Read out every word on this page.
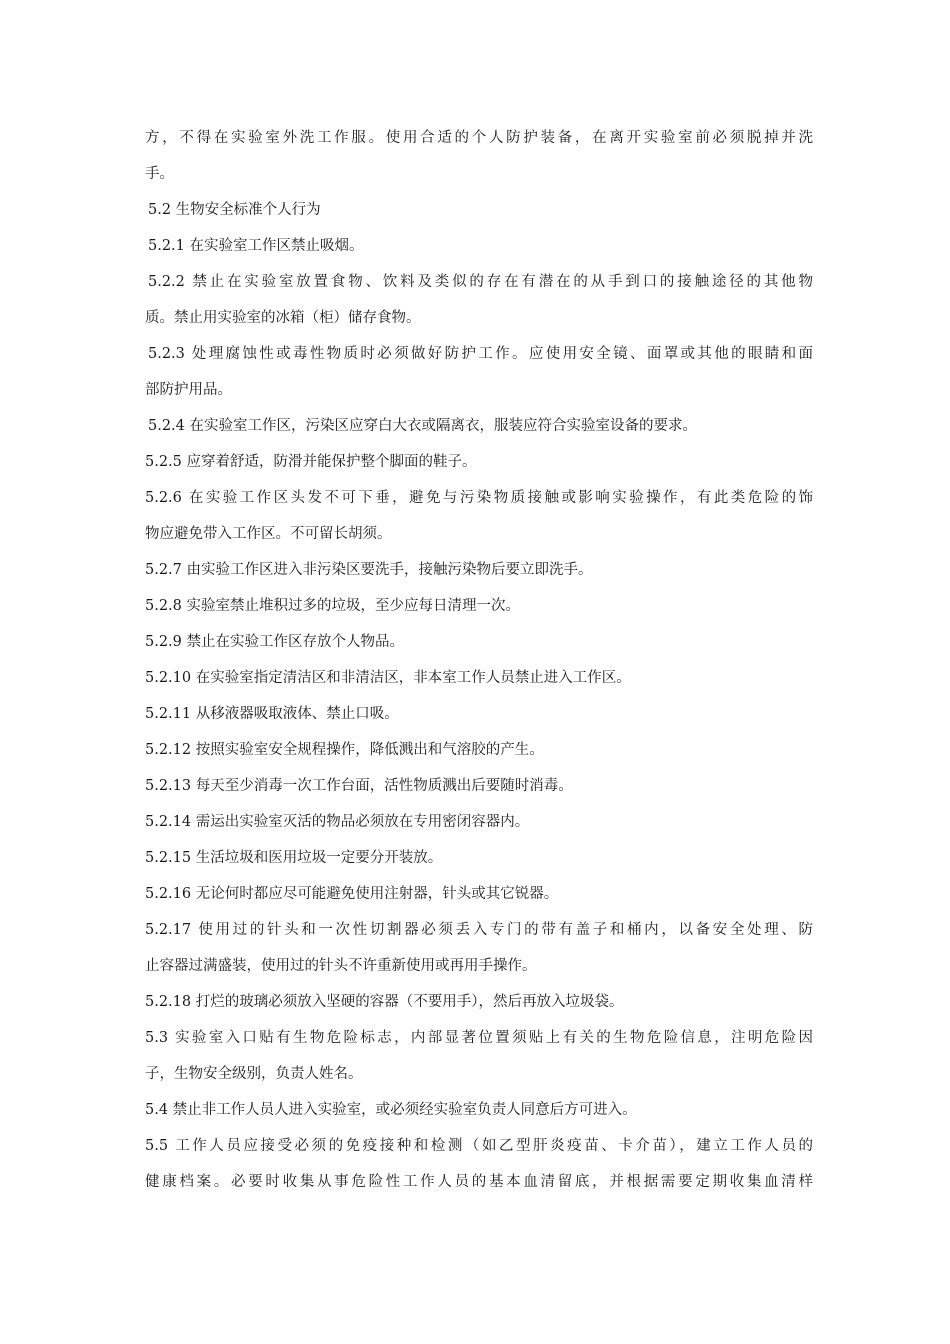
方，不得在实验室外洗工作服。使用合适的个人防护装备，在离开实验室前必须脱掉并洗
手。
5.2 生物安全标准个人行为
5.2.1 在实验室工作区禁止吸烟。
5.2.2 禁止在实验室放置食物、饮料及类似的存在有潜在的从手到口的接触途径的其他物
质。禁止用实验室的冰箱（柜）储存食物。
5.2.3 处理腐蚀性或毒性物质时必须做好防护工作。应使用安全镜、面罩或其他的眼睛和面
部防护用品。
5.2.4 在实验室工作区，污染区应穿白大衣或隔离衣，服装应符合实验室设备的要求。
5.2.5 应穿着舒适，防滑并能保护整个脚面的鞋子。
5.2.6 在实验工作区头发不可下垂，避免与污染物质接触或影响实验操作，有此类危险的饰
物应避免带入工作区。不可留长胡须。
5.2.7 由实验工作区进入非污染区要洗手，接触污染物后要立即洗手。
5.2.8 实验室禁止堆积过多的垃圾，至少应每日清理一次。
5.2.9 禁止在实验工作区存放个人物品。
5.2.10 在实验室指定清洁区和非清洁区，非本室工作人员禁止进入工作区。
5.2.11 从移液器吸取液体、禁止口吸。
5.2.12 按照实验室安全规程操作，降低溅出和气溶胶的产生。
5.2.13 每天至少消毒一次工作台面，活性物质溅出后要随时消毒。
5.2.14 需运出实验室灭活的物品必须放在专用密闭容器内。
5.2.15 生活垃圾和医用垃圾一定要分开装放。
5.2.16 无论何时都应尽可能避免使用注射器，针头或其它锐器。
5.2.17 使用过的针头和一次性切割器必须丢入专门的带有盖子和桶内，以备安全处理、防
止容器过满盛装，使用过的针头不许重新使用或再用手操作。
5.2.18 打烂的玻璃必须放入坚硬的容器（不要用手），然后再放入垃圾袋。
5.3 实验室入口贴有生物危险标志，内部显著位置须贴上有关的生物危险信息，注明危险因
子，生物安全级别，负责人姓名。
5.4 禁止非工作人员人进入实验室，或必须经实验室负责人同意后方可进入。
5.5 工作人员应接受必须的免疫接种和检测（如乙型肝炎疫苗、卡介苗），建立工作人员的
健康档案。必要时收集从事危险性工作人员的基本血清留底，并根据需要定期收集血清样
